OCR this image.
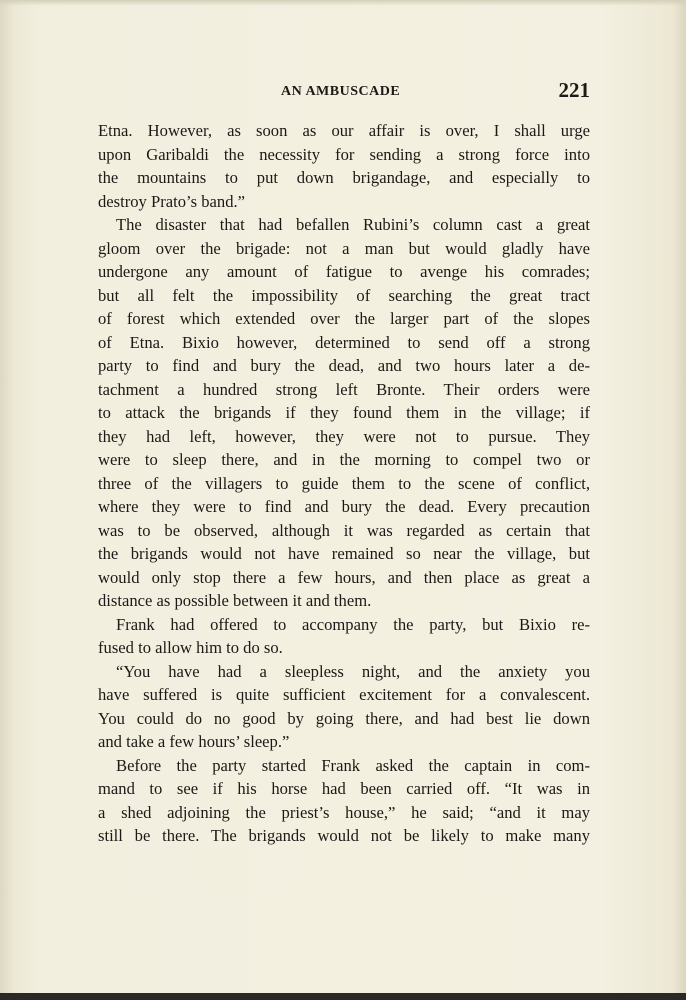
AN AMBUSCADE	221
Etna. However, as soon as our affair is over, I shall urge
upon Garibaldi the necessity for sending a strong force into
the mountains to put down brigandage, and especially to
destroy Prato’s band.”
The disaster that had befallen Rubini’s column cast a great
gloom over the brigade: not a man but would gladly have
undergone any amount of fatigue to avenge his comrades;
but all felt the impossibility of searching the great tract
of forest which extended over the larger part of the slopes
of Etna. Bixio however, determined to send off a strong
party to find and bury the dead, and two hours later a de-
tachment a hundred strong left Bronte. Their orders were
to attack the brigands if they found them in the village; if
they had left, however, they were not to pursue. They
were to sleep there, and in the morning to compel two or
three of the villagers to guide them to the scene of conflict,
where they were to find and bury the dead. Every precaution
was to be observed, although it was regarded as certain that
the brigands would not have remained so near the village, but
would only stop there a few hours, and then place as great a
distance as possible between it and them.
Frank had offered to accompany the party, but Bixio re-
fused to allow him to do so.
“You have had a sleepless night, and the anxiety you
have suffered is quite sufficient excitement for a convalescent.
You could do no good by going there, and had best lie down
and take a few hours’ sleep.”
Before the party started Frank asked the captain in com-
mand to see if his horse had been carried off. “It was in
a shed adjoining the priest’s house,” he said; “and it may
still be there. The brigands would not be likely to make many
